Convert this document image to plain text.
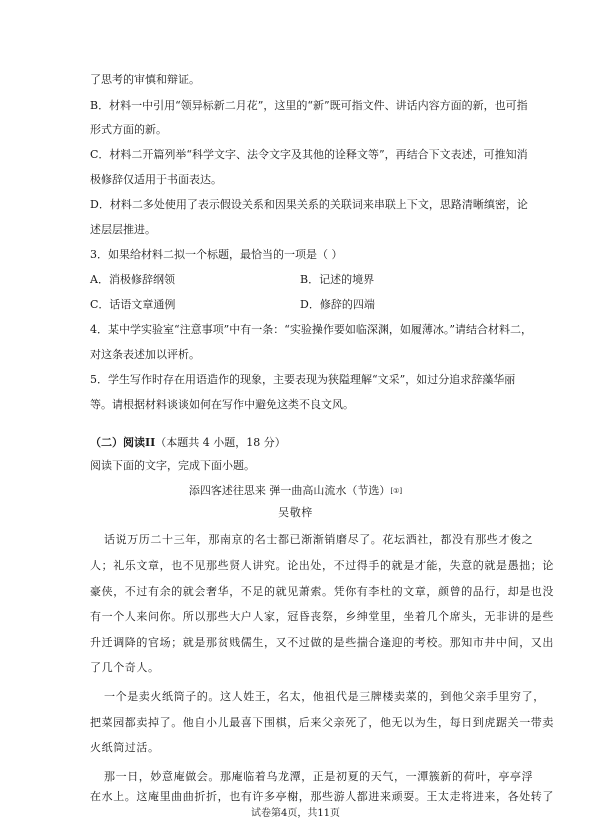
了思考的审慎和辩证。
B．材料一中引用“领异标新二月花”，这里的“新”既可指文件、讲话内容方面的新，也可指
形式方面的新。
C．材料二开篇列举“科学文字、法令文字及其他的诠释文等”，再结合下文表述，可推知消
极修辞仅适用于书面表达。
D．材料二多处使用了表示假设关系和因果关系的关联词来串联上下文，思路清晰缜密，论
述层层推进。
3．如果给材料二拟一个标题，最恰当的一项是（ ）
A．消极修辞纲领	B．记述的境界
C．话语文章通例	D．修辞的四端
4．某中学实验室“注意事项”中有一条：“实验操作要如临深渊，如履薄冰。”请结合材料二，
对这条表述加以评析。
5．学生写作时存在用语造作的现象，主要表现为狭隘理解“文采”，如过分追求辞藻华丽
等。请根据材料谈谈如何在写作中避免这类不良文风。
（二）阅读II（本题共 4 小题，18 分）
阅读下面的文字，完成下面小题。
添四客述往思来 弹一曲高山流水（节选）[①]
吴敬梓
话说万历二十三年，那南京的名士都已渐渐销磨尽了。花坛酒社，都没有那些才俊之
人；礼乐文章，也不见那些贤人讲究。论出处，不过得手的就是才能，失意的就是愚拙；论
豪侠，不过有余的就会奢华，不足的就见萧索。凭你有李杜的文章，颜曾的品行，却是也没
有一个人来问你。所以那些大户人家，冠昏丧祭，乡绅堂里，坐着几个席头，无非讲的是些
升迁调降的官场；就是那贫贱儒生，又不过做的是些揣合逢迎的考校。那知市井中间，又出
了几个奇人。
一个是卖火纸筒子的。这人姓王，名太，他祖代是三牌楼卖菜的，到他父亲手里穷了，
把菜园都卖掉了。他自小儿最喜下围棋，后来父亲死了，他无以为生，每日到虎踞关一带卖
火纸筒过活。
那一日，妙意庵做会。那庵临着乌龙潭，正是初夏的天气，一潭簇新的荷叶，亭亭浮
在水上。这庵里曲曲折折，也有许多亭榭，那些游人都进来顽耍。王太走将进来，各处转了
试卷第4页，共11页
